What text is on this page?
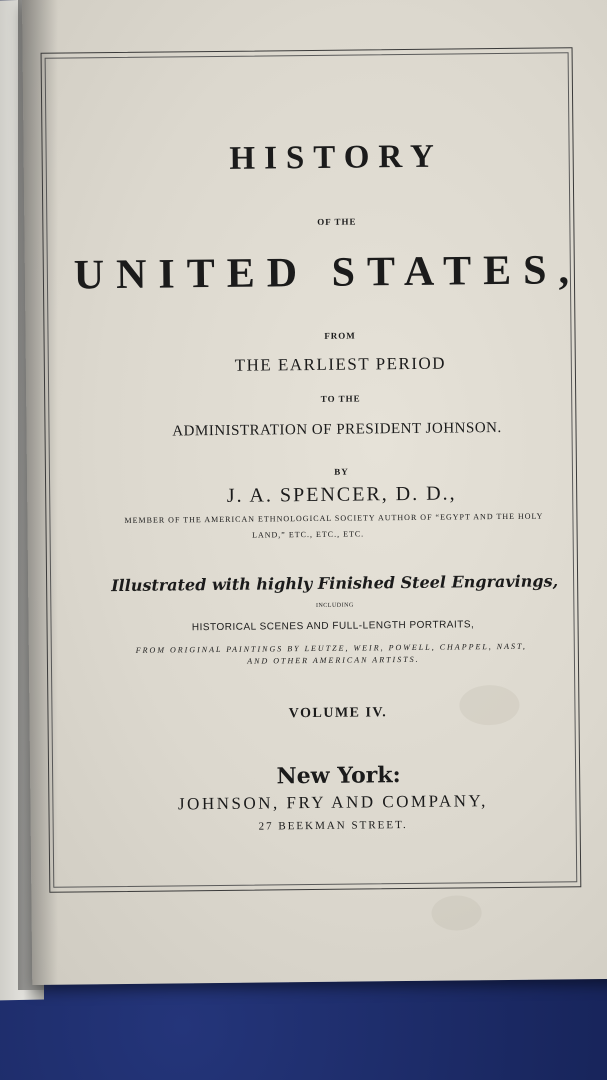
HISTORY
OF THE
UNITED STATES,
FROM
THE EARLIEST PERIOD
TO THE
ADMINISTRATION OF PRESIDENT JOHNSON.
BY
J. A. SPENCER, D. D.,
MEMBER OF THE AMERICAN ETHNOLOGICAL SOCIETY AUTHOR OF “EGYPT AND THE HOLY
LAND,” ETC., ETC., ETC.
Illustrated with highly Finished Steel Engravings,
INCLUDING
HISTORICAL SCENES AND FULL-LENGTH PORTRAITS,
FROM ORIGINAL PAINTINGS BY LEUTZE, WEIR, POWELL, CHAPPEL, NAST,
AND OTHER AMERICAN ARTISTS.
VOLUME IV.
New York:
JOHNSON, FRY AND COMPANY,
27 BEEKMAN STREET.
